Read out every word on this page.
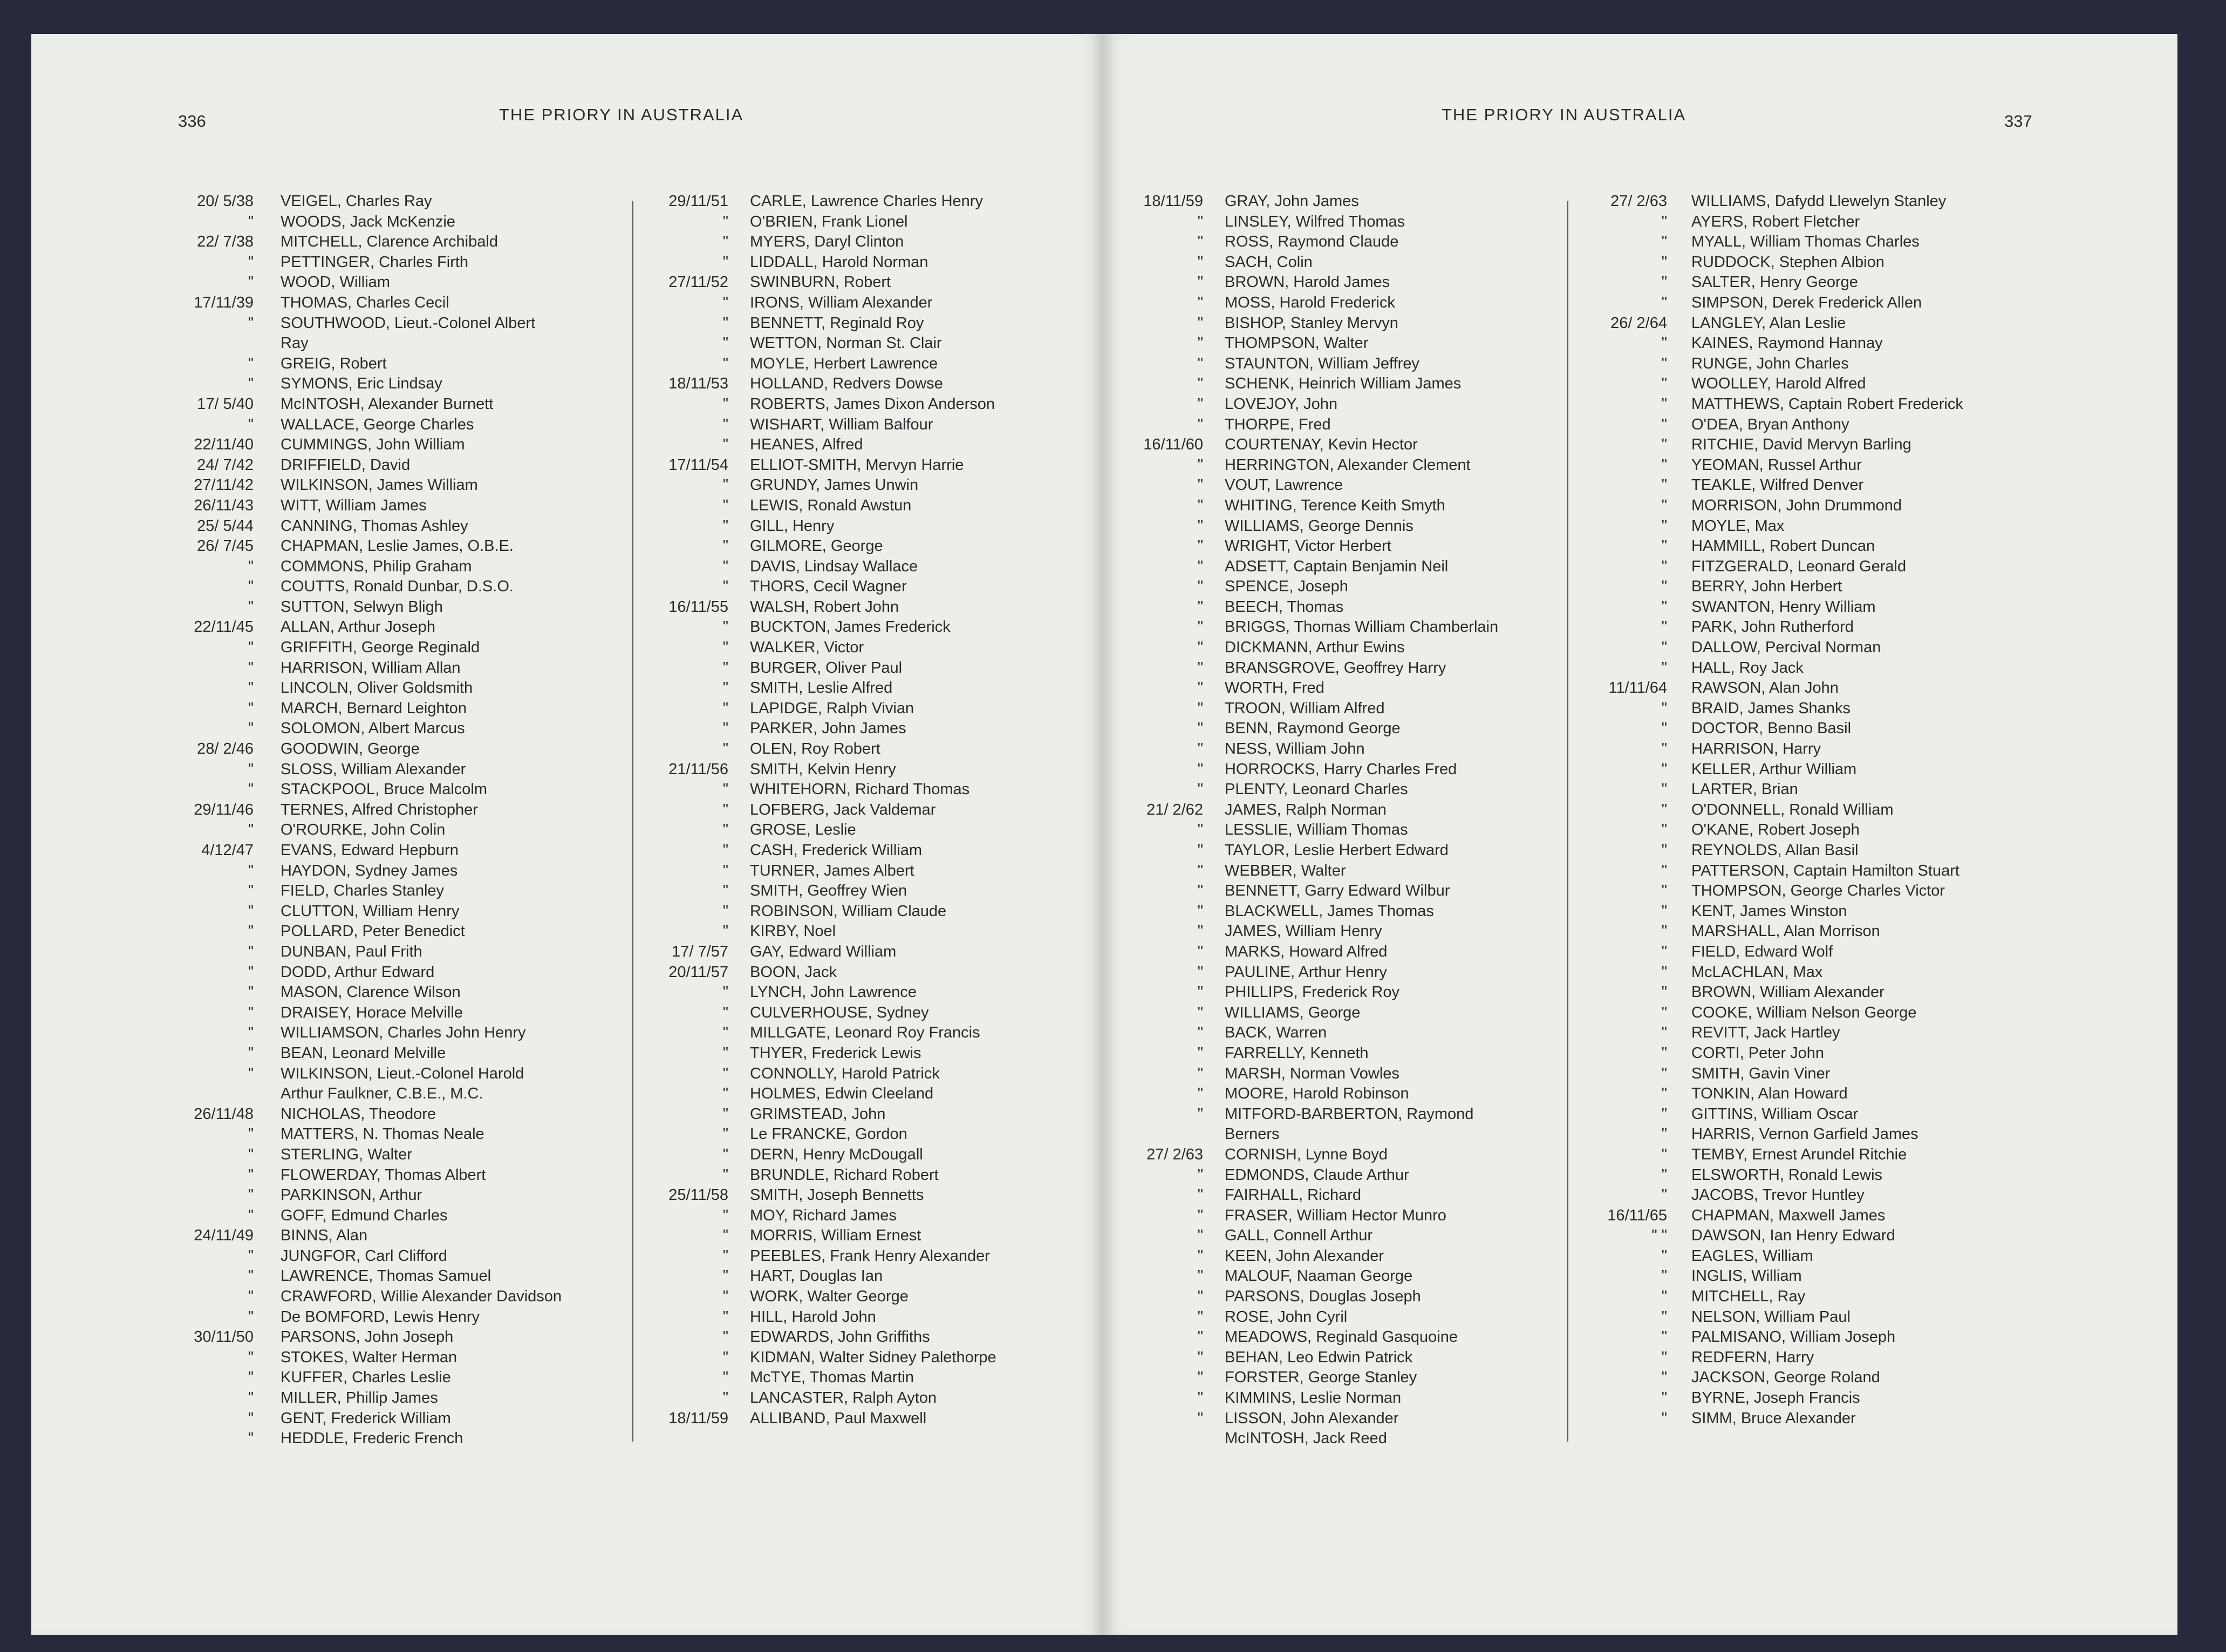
336	THE PRIORY IN AUSTRALIA	THE PRIORY IN AUSTRALIA	337
20/ 5/38 VEIGEL, Charles Ray
" WOODS, Jack McKenzie
22/ 7/38 MITCHELL, Clarence Archibald
" PETTINGER, Charles Firth
" WOOD, William
17/11/39 THOMAS, Charles Cecil
" SOUTHWOOD, Lieut.-Colonel Albert
Ray
" GREIG, Robert
" SYMONS, Eric Lindsay
17/ 5/40 McINTOSH, Alexander Burnett
" WALLACE, George Charles
22/11/40 CUMMINGS, John William
24/ 7/42 DRIFFIELD, David
27/11/42 WILKINSON, James William
26/11/43 WITT, William James
25/ 5/44 CANNING, Thomas Ashley
26/ 7/45 CHAPMAN, Leslie James, O.B.E.
" COMMONS, Philip Graham
" COUTTS, Ronald Dunbar, D.S.O.
" SUTTON, Selwyn Bligh
22/11/45 ALLAN, Arthur Joseph
" GRIFFITH, George Reginald
" HARRISON, William Allan
" LINCOLN, Oliver Goldsmith
" MARCH, Bernard Leighton
" SOLOMON, Albert Marcus
28/ 2/46 GOODWIN, George
" SLOSS, William Alexander
" STACKPOOL, Bruce Malcolm
29/11/46 TERNES, Alfred Christopher
" O'ROURKE, John Colin
4/12/47 EVANS, Edward Hepburn
" HAYDON, Sydney James
" FIELD, Charles Stanley
" CLUTTON, William Henry
" POLLARD, Peter Benedict
" DUNBAN, Paul Frith
" DODD, Arthur Edward
" MASON, Clarence Wilson
" DRAISEY, Horace Melville
" WILLIAMSON, Charles John Henry
" BEAN, Leonard Melville
" WILKINSON, Lieut.-Colonel Harold
Arthur Faulkner, C.B.E., M.C.
26/11/48 NICHOLAS, Theodore
" MATTERS, N. Thomas Neale
" STERLING, Walter
" FLOWERDAY, Thomas Albert
" PARKINSON, Arthur
" GOFF, Edmund Charles
24/11/49 BINNS, Alan
" JUNGFOR, Carl Clifford
" LAWRENCE, Thomas Samuel
" CRAWFORD, Willie Alexander Davidson
" De BOMFORD, Lewis Henry
30/11/50 PARSONS, John Joseph
" STOKES, Walter Herman
" KUFFER, Charles Leslie
" MILLER, Phillip James
" GENT, Frederick William
" HEDDLE, Frederic French
29/11/51 CARLE, Lawrence Charles Henry
" O'BRIEN, Frank Lionel
" MYERS, Daryl Clinton
" LIDDALL, Harold Norman
27/11/52 SWINBURN, Robert
" IRONS, William Alexander
" BENNETT, Reginald Roy
" WETTON, Norman St. Clair
" MOYLE, Herbert Lawrence
18/11/53 HOLLAND, Redvers Dowse
" ROBERTS, James Dixon Anderson
" WISHART, William Balfour
" HEANES, Alfred
17/11/54 ELLIOT-SMITH, Mervyn Harrie
" GRUNDY, James Unwin
" LEWIS, Ronald Awstun
" GILL, Henry
" GILMORE, George
" DAVIS, Lindsay Wallace
" THORS, Cecil Wagner
16/11/55 WALSH, Robert John
" BUCKTON, James Frederick
" WALKER, Victor
" BURGER, Oliver Paul
" SMITH, Leslie Alfred
" LAPIDGE, Ralph Vivian
" PARKER, John James
" OLEN, Roy Robert
21/11/56 SMITH, Kelvin Henry
" WHITEHORN, Richard Thomas
" LOFBERG, Jack Valdemar
" GROSE, Leslie
" CASH, Frederick William
" TURNER, James Albert
" SMITH, Geoffrey Wien
" ROBINSON, William Claude
" KIRBY, Noel
17/ 7/57 GAY, Edward William
20/11/57 BOON, Jack
" LYNCH, John Lawrence
" CULVERHOUSE, Sydney
" MILLGATE, Leonard Roy Francis
" THYER, Frederick Lewis
" CONNOLLY, Harold Patrick
" HOLMES, Edwin Cleeland
" GRIMSTEAD, John
" Le FRANCKE, Gordon
" DERN, Henry McDougall
" BRUNDLE, Richard Robert
25/11/58 SMITH, Joseph Bennetts
" MOY, Richard James
" MORRIS, William Ernest
" PEEBLES, Frank Henry Alexander
" HART, Douglas Ian
" WORK, Walter George
" HILL, Harold John
" EDWARDS, John Griffiths
" KIDMAN, Walter Sidney Palethorpe
" McTYE, Thomas Martin
" LANCASTER, Ralph Ayton
18/11/59 ALLIBAND, Paul Maxwell
18/11/59 GRAY, John James
" LINSLEY, Wilfred Thomas
" ROSS, Raymond Claude
" SACH, Colin
" BROWN, Harold James
" MOSS, Harold Frederick
" BISHOP, Stanley Mervyn
" THOMPSON, Walter
" STAUNTON, William Jeffrey
" SCHENK, Heinrich William James
" LOVEJOY, John
" THORPE, Fred
16/11/60 COURTENAY, Kevin Hector
" HERRINGTON, Alexander Clement
" VOUT, Lawrence
" WHITING, Terence Keith Smyth
" WILLIAMS, George Dennis
" WRIGHT, Victor Herbert
" ADSETT, Captain Benjamin Neil
" SPENCE, Joseph
" BEECH, Thomas
" BRIGGS, Thomas William Chamberlain
" DICKMANN, Arthur Ewins
" BRANSGROVE, Geoffrey Harry
" WORTH, Fred
" TROON, William Alfred
" BENN, Raymond George
" NESS, William John
" HORROCKS, Harry Charles Fred
" PLENTY, Leonard Charles
21/ 2/62 JAMES, Ralph Norman
" LESSLIE, William Thomas
" TAYLOR, Leslie Herbert Edward
" WEBBER, Walter
" BENNETT, Garry Edward Wilbur
" BLACKWELL, James Thomas
" JAMES, William Henry
" MARKS, Howard Alfred
" PAULINE, Arthur Henry
" PHILLIPS, Frederick Roy
" WILLIAMS, George
" BACK, Warren
" FARRELLY, Kenneth
" MARSH, Norman Vowles
" MOORE, Harold Robinson
" MITFORD-BARBERTON, Raymond
Berners
27/ 2/63 CORNISH, Lynne Boyd
" EDMONDS, Claude Arthur
" FAIRHALL, Richard
" FRASER, William Hector Munro
" GALL, Connell Arthur
" KEEN, John Alexander
" MALOUF, Naaman George
" PARSONS, Douglas Joseph
" ROSE, John Cyril
" MEADOWS, Reginald Gasquoine
" BEHAN, Leo Edwin Patrick
" FORSTER, George Stanley
" KIMMINS, Leslie Norman
" LISSON, John Alexander
McINTOSH, Jack Reed
27/ 2/63 WILLIAMS, Dafydd Llewelyn Stanley
" AYERS, Robert Fletcher
" MYALL, William Thomas Charles
" RUDDOCK, Stephen Albion
" SALTER, Henry George
" SIMPSON, Derek Frederick Allen
26/ 2/64 LANGLEY, Alan Leslie
" KAINES, Raymond Hannay
" RUNGE, John Charles
" WOOLLEY, Harold Alfred
" MATTHEWS, Captain Robert Frederick
" O'DEA, Bryan Anthony
" RITCHIE, David Mervyn Barling
" YEOMAN, Russel Arthur
" TEAKLE, Wilfred Denver
" MORRISON, John Drummond
" MOYLE, Max
" HAMMILL, Robert Duncan
" FITZGERALD, Leonard Gerald
" BERRY, John Herbert
" SWANTON, Henry William
" PARK, John Rutherford
" DALLOW, Percival Norman
" HALL, Roy Jack
11/11/64 RAWSON, Alan John
" BRAID, James Shanks
" DOCTOR, Benno Basil
" HARRISON, Harry
" KELLER, Arthur William
" LARTER, Brian
" O'DONNELL, Ronald William
" O'KANE, Robert Joseph
" REYNOLDS, Allan Basil
" PATTERSON, Captain Hamilton Stuart
" THOMPSON, George Charles Victor
" KENT, James Winston
" MARSHALL, Alan Morrison
" FIELD, Edward Wolf
" McLACHLAN, Max
" BROWN, William Alexander
" COOKE, William Nelson George
" REVITT, Jack Hartley
" CORTI, Peter John
" SMITH, Gavin Viner
" TONKIN, Alan Howard
" GITTINS, William Oscar
" HARRIS, Vernon Garfield James
" TEMBY, Ernest Arundel Ritchie
" ELSWORTH, Ronald Lewis
" JACOBS, Trevor Huntley
16/11/65 CHAPMAN, Maxwell James
" " DAWSON, Ian Henry Edward
" EAGLES, William
" INGLIS, William
" MITCHELL, Ray
" NELSON, William Paul
" PALMISANO, William Joseph
" REDFERN, Harry
" JACKSON, George Roland
" BYRNE, Joseph Francis
" SIMM, Bruce Alexander
